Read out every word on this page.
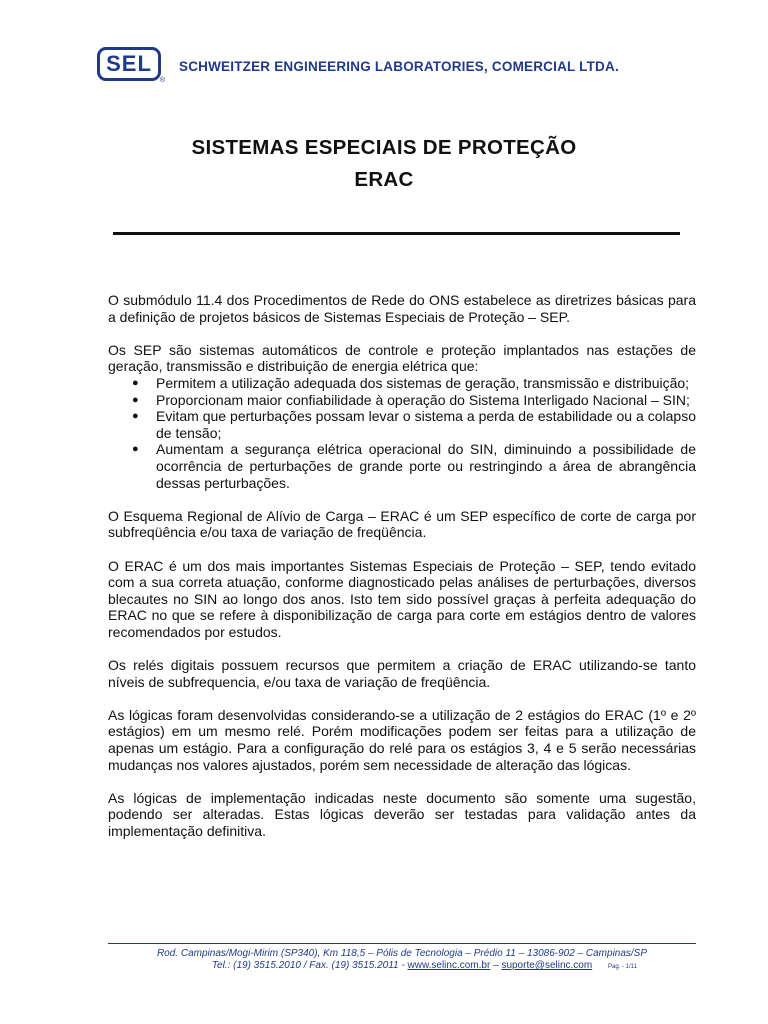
SEL
®
SCHWEITZER ENGINEERING LABORATORIES, COMERCIAL LTDA.
SISTEMAS ESPECIAIS DE PROTEÇÃO
ERAC

O submódulo 11.4 dos Procedimentos de Rede do ONS estabelece as diretrizes básicas para a definição de projetos básicos de Sistemas Especiais de Proteção – SEP.

Os SEP são sistemas automáticos de controle e proteção implantados nas estações de geração, transmissão e distribuição de energia elétrica que:

● Permitem a utilização adequada dos sistemas de geração, transmissão e distribuição;
● Proporcionam maior confiabilidade à operação do Sistema Interligado Nacional – SIN;
● Evitam que perturbações possam levar o sistema a perda de estabilidade ou a colapso de tensão;
● Aumentam a segurança elétrica operacional do SIN, diminuindo a possibilidade de ocorrência de perturbações de grande porte ou restringindo a área de abrangência dessas perturbações.

O Esquema Regional de Alívio de Carga – ERAC é um SEP específico de corte de carga por subfreqüência e/ou taxa de variação de freqüência.

O ERAC é um dos mais importantes Sistemas Especiais de Proteção – SEP, tendo evitado com a sua correta atuação, conforme diagnosticado pelas análises de perturbações, diversos blecautes no SIN ao longo dos anos. Isto tem sido possível graças à perfeita adequação do ERAC no que se refere à disponibilização de carga para corte em estágios dentro de valores recomendados por estudos.

Os relés digitais possuem recursos que permitem a criação de ERAC utilizando-se tanto níveis de subfrequencia, e/ou taxa de variação de freqüência.

As lógicas foram desenvolvidas considerando-se a utilização de 2 estágios do ERAC (1º e 2º estágios) em um mesmo relé. Porém modificações podem ser feitas para a utilização de apenas um estágio. Para a configuração do relé para os estágios 3, 4 e 5 serão necessárias mudanças nos valores ajustados, porém sem necessidade de alteração das lógicas.

As lógicas de implementação indicadas neste documento são somente uma sugestão, podendo ser alteradas. Estas lógicas deverão ser testadas para validação antes da implementação definitiva.

Rod. Campinas/Mogi-Mirim (SP340), Km 118,5 – Pólis de Tecnologia – Prédio 11 – 13086-902 – Campinas/SP
Tel.: (19) 3515.2010 / Fax. (19) 3515.2011 - www.selinc.com.br – suporte@selinc.com	Pag. - 1/11
